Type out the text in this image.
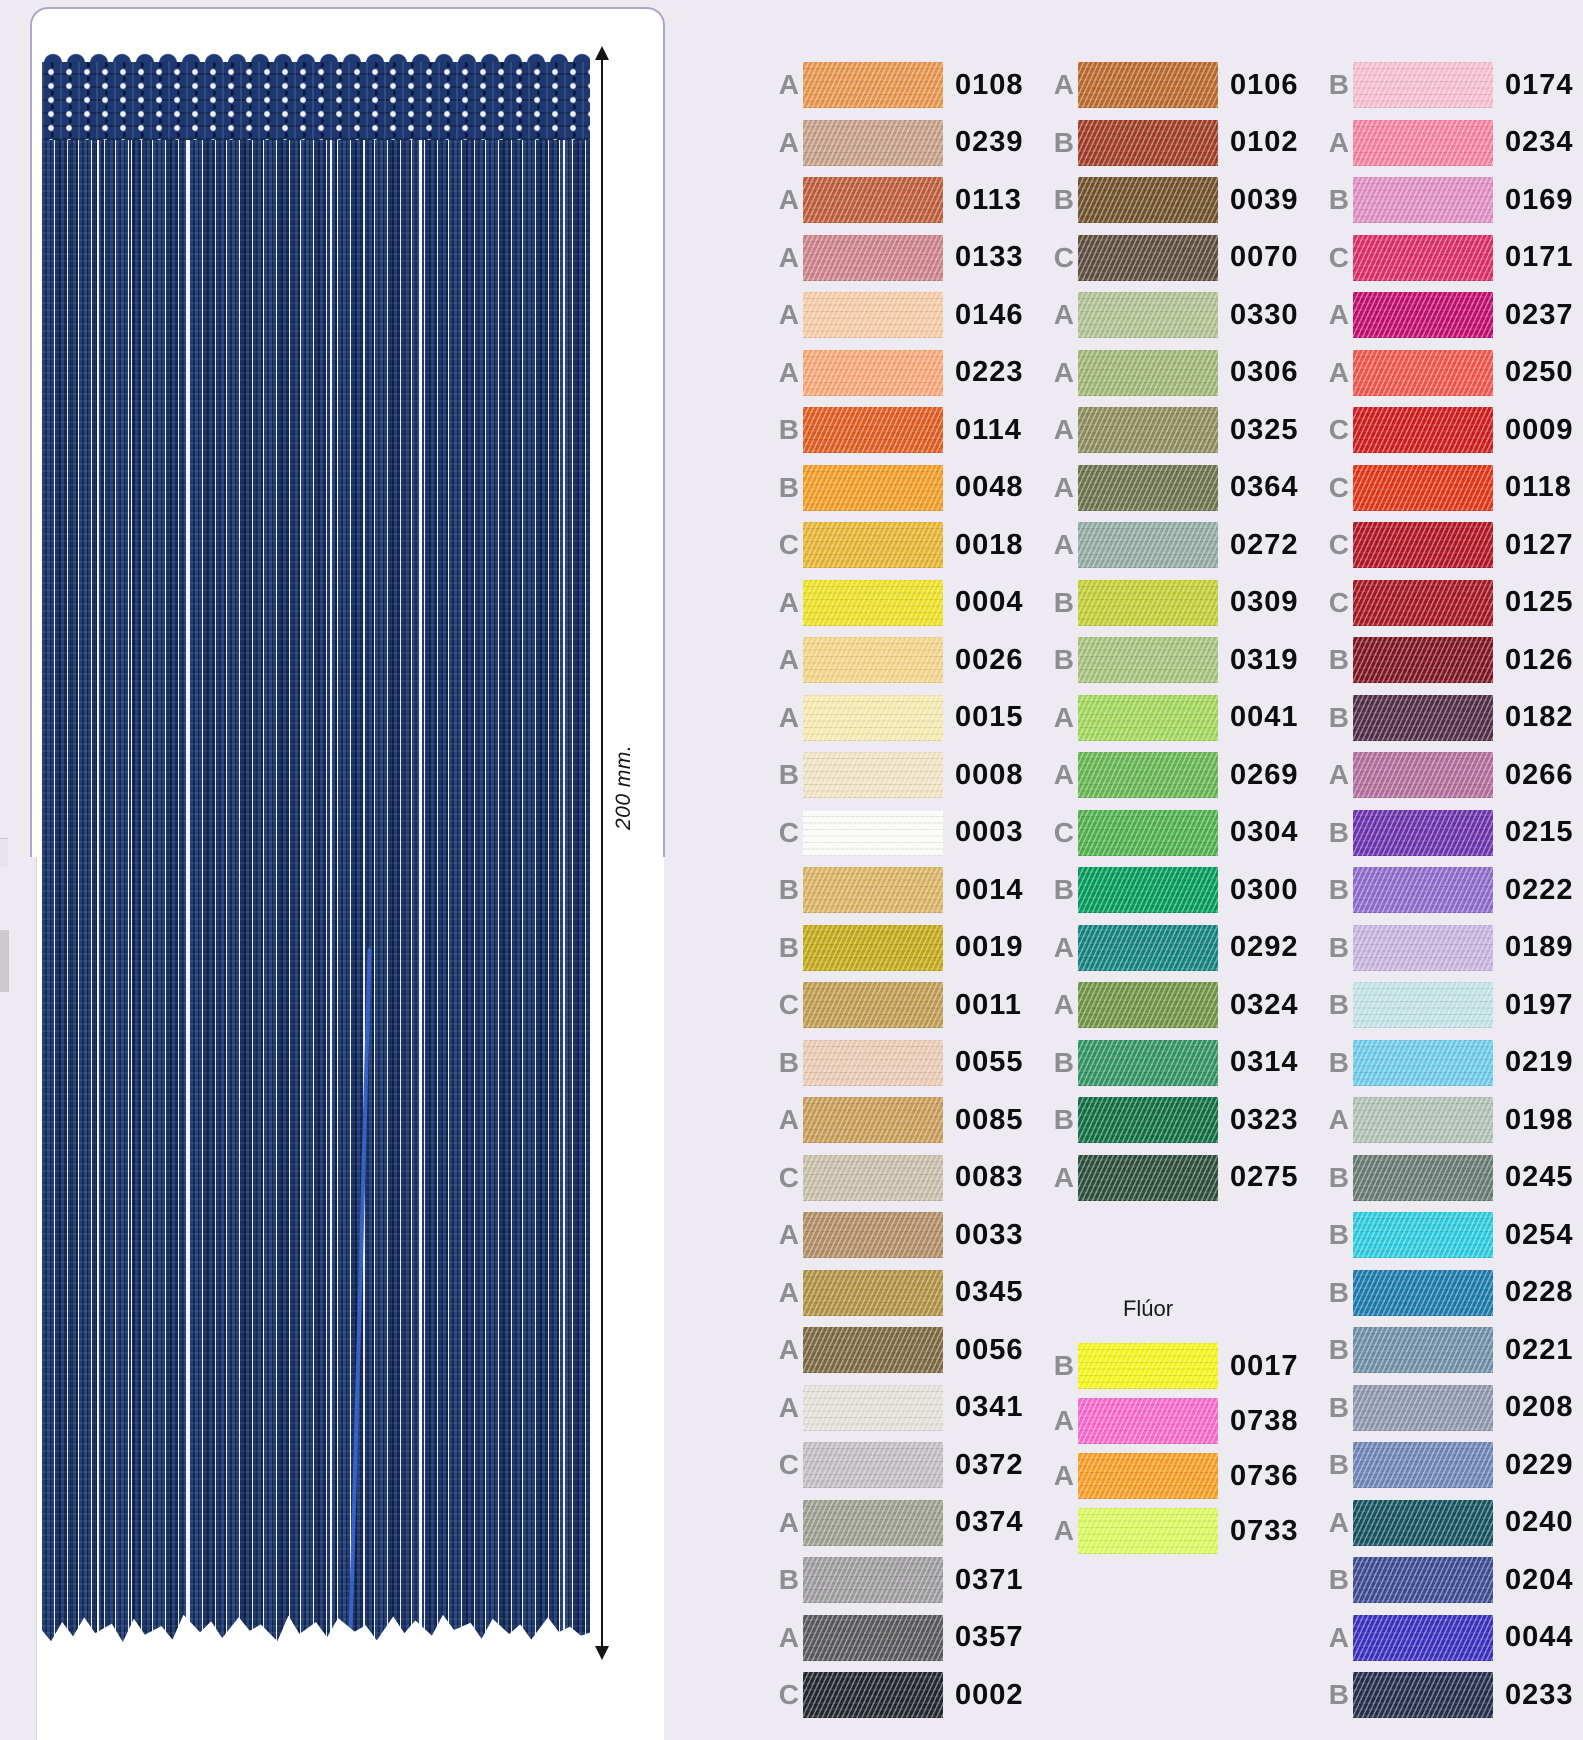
200 mm.
A	0108
A	0239
A	0113
A	0133
A	0146
A	0223
B	0114
B	0048
C	0018
A	0004
A	0026
A	0015
B	0008
C	0003
B	0014
B	0019
C	0011
B	0055
A	0085
C	0083
A	0033
A	0345
A	0056
A	0341
C	0372
A	0374
B	0371
A	0357
C	0002
A	0106
B	0102
B	0039
C	0070
A	0330
A	0306
A	0325
A	0364
A	0272
B	0309
B	0319
A	0041
A	0269
C	0304
B	0300
A	0292
A	0324
B	0314
B	0323
A	0275
B	0174
A	0234
B	0169
C	0171
A	0237
A	0250
C	0009
C	0118
C	0127
C	0125
B	0126
B	0182
A	0266
B	0215
B	0222
B	0189
B	0197
B	0219
A	0198
B	0245
B	0254
B	0228
B	0221
B	0208
B	0229
A	0240
B	0204
A	0044
B	0233
Flúor
B	0017
A	0738
A	0736
A	0733
